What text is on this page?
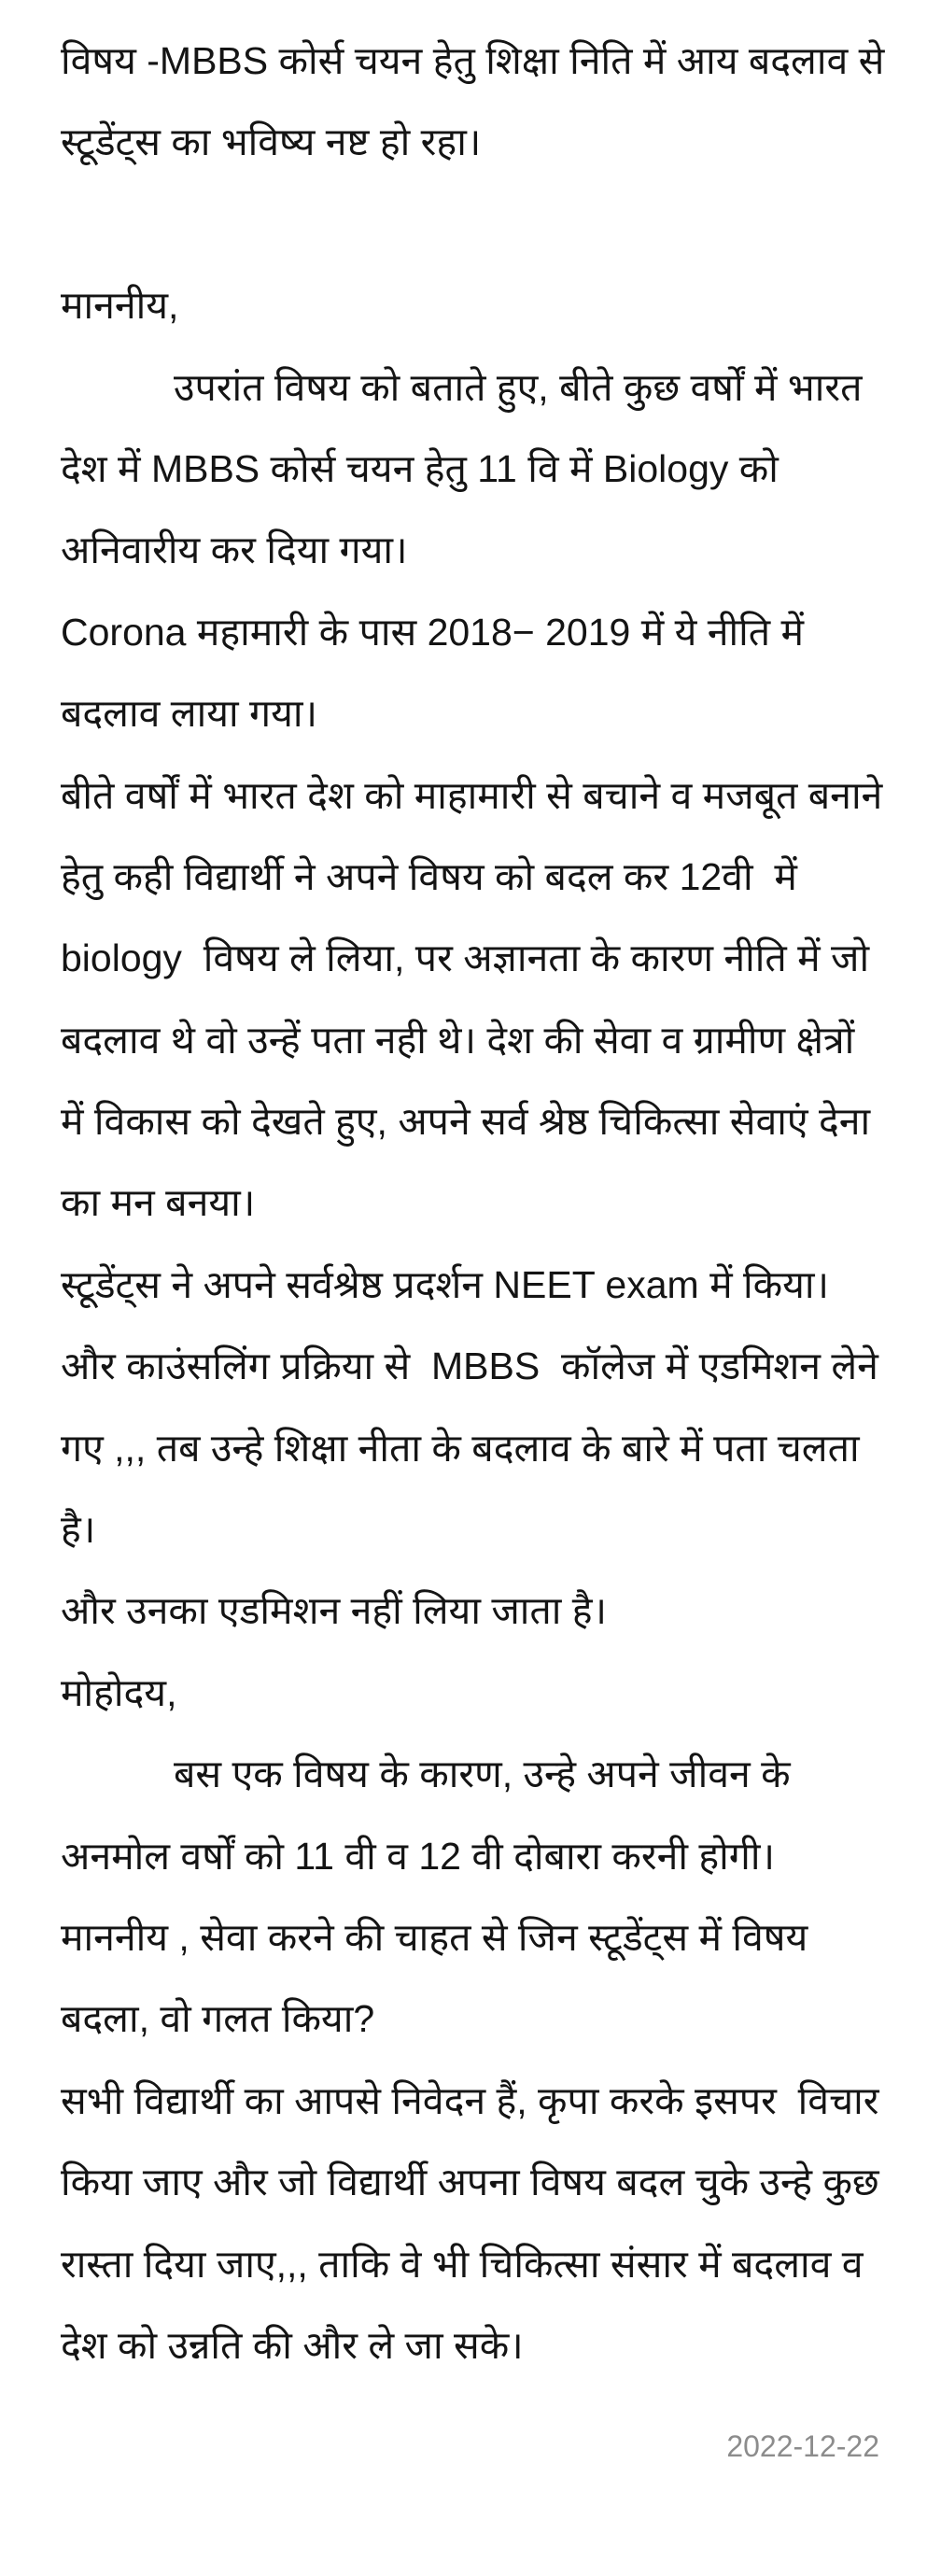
विषय -MBBS कोर्स चयन हेतु शिक्षा निति में आय बदलाव से
स्टूडेंट्स का भविष्य नष्ट हो रहा।

माननीय,
उपरांत विषय को बताते हुए, बीते कुछ वर्षों में भारत
देश में MBBS कोर्स चयन हेतु 11 वि में Biology को
अनिवारीय कर दिया गया।
Corona महामारी के पास 2018− 2019 में ये नीति में
बदलाव लाया गया।
बीते वर्षों में भारत देश को माहामारी से बचाने व मजबूत बनाने
हेतु कही विद्यार्थी ने अपने विषय को बदल कर 12वी  में
biology  विषय ले लिया, पर अज्ञानता के कारण नीति में जो
बदलाव थे वो उन्हें पता नही थे। देश की सेवा व ग्रामीण क्षेत्रों
में विकास को देखते हुए, अपने सर्व श्रेष्ठ चिकित्सा सेवाएं देना
का मन बनया।
स्टूडेंट्स ने अपने सर्वश्रेष्ठ प्रदर्शन NEET exam में किया।
और काउंसलिंग प्रक्रिया से  MBBS  कॉलेज में एडमिशन लेने
गए ,,, तब उन्हे शिक्षा नीता के बदलाव के बारे में पता चलता
है।
और उनका एडमिशन नहीं लिया जाता है।
मोहोदय,
बस एक विषय के कारण, उन्हे अपने जीवन के
अनमोल वर्षों को 11 वी व 12 वी दोबारा करनी होगी।
माननीय , सेवा करने की चाहत से जिन स्टूडेंट्स में विषय
बदला, वो गलत किया?
सभी विद्यार्थी का आपसे निवेदन हैं, कृपा करके इसपर  विचार
किया जाए और जो विद्यार्थी अपना विषय बदल चुके उन्हे कुछ
रास्ता दिया जाए,,, ताकि वे भी चिकित्सा संसार में बदलाव व
देश को उन्नति की और ले जा सके।
2022-12-22
